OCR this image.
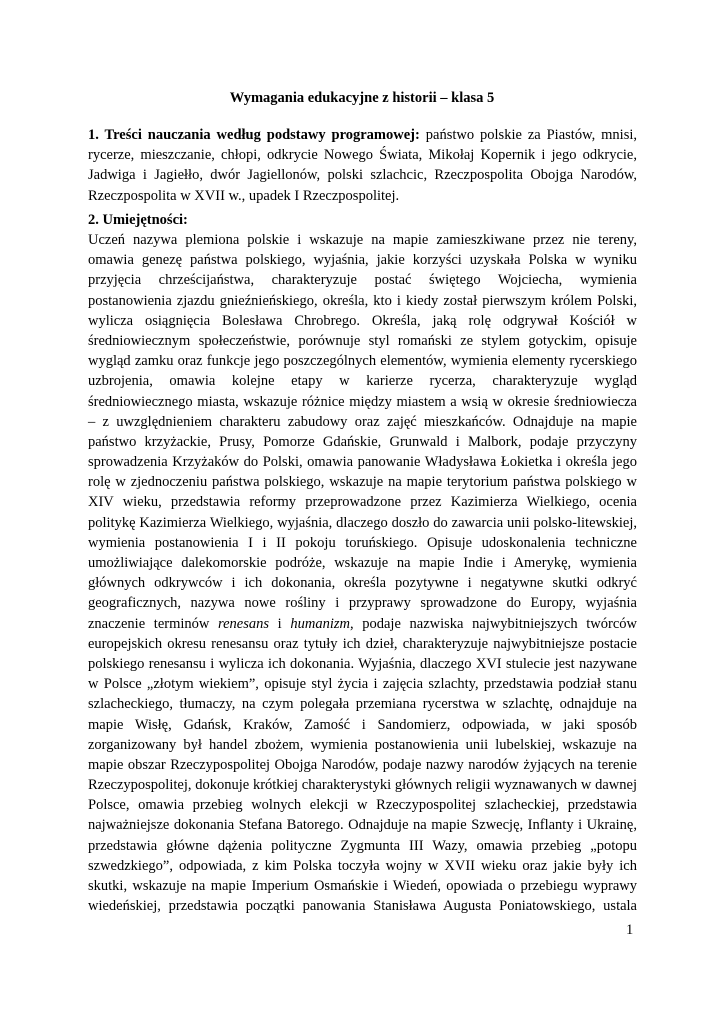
Wymagania edukacyjne z historii – klasa 5
1. Treści nauczania według podstawy programowej: państwo polskie za Piastów, mnisi,
rycerze, mieszczanie, chłopi, odkrycie Nowego Świata, Mikołaj Kopernik i jego odkrycie,
Jadwiga i Jagiełło, dwór Jagiellonów, polski szlachcic, Rzeczpospolita Obojga Narodów,
Rzeczpospolita w XVII w., upadek I Rzeczpospolitej.
2. Umiejętności:
Uczeń nazywa plemiona polskie i wskazuje na mapie zamieszkiwane przez nie tereny,
omawia genezę państwa polskiego, wyjaśnia, jakie korzyści uzyskała Polska w wyniku
przyjęcia chrześcijaństwa, charakteryzuje postać świętego Wojciecha, wymienia
postanowienia zjazdu gnieźnieńskiego, określa, kto i kiedy został pierwszym królem Polski,
wylicza osiągnięcia Bolesława Chrobrego. Określa, jaką rolę odgrywał Kościół w
średniowiecznym społeczeństwie, porównuje styl romański ze stylem gotyckim, opisuje
wygląd zamku oraz funkcje jego poszczególnych elementów, wymienia elementy rycerskiego
uzbrojenia, omawia kolejne etapy w karierze rycerza, charakteryzuje wygląd
średniowiecznego miasta, wskazuje różnice między miastem a wsią w okresie średniowiecza
– z uwzględnieniem charakteru zabudowy oraz zajęć mieszkańców. Odnajduje na mapie
państwo krzyżackie, Prusy, Pomorze Gdańskie, Grunwald i Malbork, podaje przyczyny
sprowadzenia Krzyżaków do Polski, omawia panowanie Władysława Łokietka i określa jego
rolę w zjednoczeniu państwa polskiego, wskazuje na mapie terytorium państwa polskiego w
XIV wieku, przedstawia reformy przeprowadzone przez Kazimierza Wielkiego, ocenia
politykę Kazimierza Wielkiego, wyjaśnia, dlaczego doszło do zawarcia unii polsko-litewskiej,
wymienia postanowienia I i II pokoju toruńskiego. Opisuje udoskonalenia techniczne
umożliwiające dalekomorskie podróże, wskazuje na mapie Indie i Amerykę, wymienia
głównych odkrywców i ich dokonania, określa pozytywne i negatywne skutki odkryć
geograficznych, nazywa nowe rośliny i przyprawy sprowadzone do Europy, wyjaśnia
znaczenie terminów renesans i humanizm, podaje nazwiska najwybitniejszych twórców
europejskich okresu renesansu oraz tytuły ich dzieł, charakteryzuje najwybitniejsze postacie
polskiego renesansu i wylicza ich dokonania. Wyjaśnia, dlaczego XVI stulecie jest nazywane
w Polsce „złotym wiekiem”, opisuje styl życia i zajęcia szlachty, przedstawia podział stanu
szlacheckiego, tłumaczy, na czym polegała przemiana rycerstwa w szlachtę, odnajduje na
mapie Wisłę, Gdańsk, Kraków, Zamość i Sandomierz, odpowiada, w jaki sposób
zorganizowany był handel zbożem, wymienia postanowienia unii lubelskiej, wskazuje na
mapie obszar Rzeczypospolitej Obojga Narodów, podaje nazwy narodów żyjących na terenie
Rzeczypospolitej, dokonuje krótkiej charakterystyki głównych religii wyznawanych w dawnej
Polsce, omawia przebieg wolnych elekcji w Rzeczypospolitej szlacheckiej, przedstawia
najważniejsze dokonania Stefana Batorego. Odnajduje na mapie Szwecję, Inflanty i Ukrainę,
przedstawia główne dążenia polityczne Zygmunta III Wazy, omawia przebieg „potopu
szwedzkiego”, odpowiada, z kim Polska toczyła wojny w XVII wieku oraz jakie były ich
skutki, wskazuje na mapie Imperium Osmańskie i Wiedeń, opowiada o przebiegu wyprawy
wiedeńskiej, przedstawia początki panowania Stanisława Augusta Poniatowskiego, ustala
1
